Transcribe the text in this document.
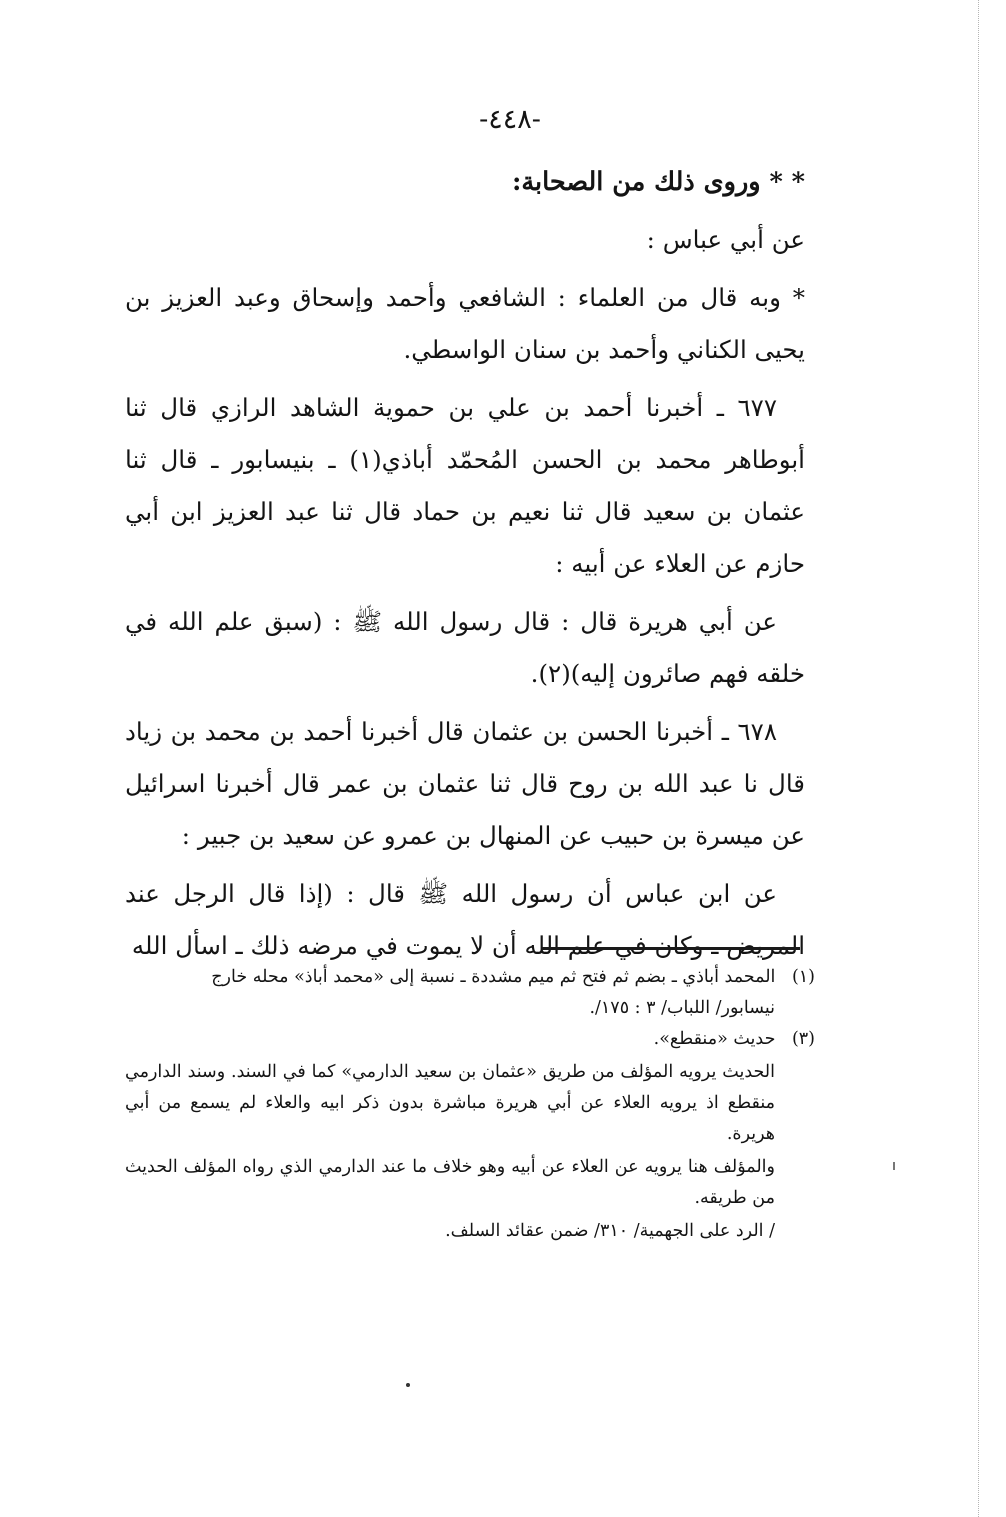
-٤٤٨-

* * وروى ذلك من الصحابة:

عن أبي عباس :

* وبه قال من العلماء : الشافعي وأحمد وإسحاق وعبد العزيز بن يحيى الكناني وأحمد بن سنان الواسطي.

٦٧٧ ـ أخبرنا أحمد بن علي بن حموية الشاهد الرازي قال ثنا أبوطاهر محمد بن الحسن المُحمّد أباذي(١) ـ بنيسابور ـ قال ثنا عثمان بن سعيد قال ثنا نعيم بن حماد قال ثنا عبد العزيز ابن أبي حازم عن العلاء عن أبيه :

عن أبي هريرة قال : قال رسول الله ﷺ : (سبق علم الله في خلقه فهم صائرون إليه)(٢).

٦٧٨ ـ أخبرنا الحسن بن عثمان قال أخبرنا أحمد بن محمد بن زياد قال نا عبد الله بن روح قال ثنا عثمان بن عمر قال أخبرنا اسرائيل عن ميسرة بن حبيب عن المنهال بن عمرو عن سعيد بن جبير :

عن ابن عباس أن رسول الله ﷺ قال : (إذا قال الرجل عند المريض ـ وكان في علم الله أن لا يموت في مرضه ذلك ـ اسأل الله

(١) المحمد أباذي ـ بضم ثم فتح ثم ميم مشددة ـ نسبة إلى «محمد أباذ» محله خارج

نيسابور/ اللباب/ ٣ : ١٧٥/.

(٣) حديث «منقطع».

الحديث يرويه المؤلف من طريق «عثمان بن سعيد الدارمي» كما في السند. وسند الدارمي منقطع اذ يرويه العلاء عن أبي هريرة مباشرة بدون ذكر ابيه والعلاء لم يسمع من أبي هريرة.

والمؤلف هنا يرويه عن العلاء عن أبيه وهو خلاف ما عند الدارمي الذي رواه المؤلف الحديث من طريقه.

/ الرد على الجهمية/ ٣١٠/ ضمن عقائد السلف.
